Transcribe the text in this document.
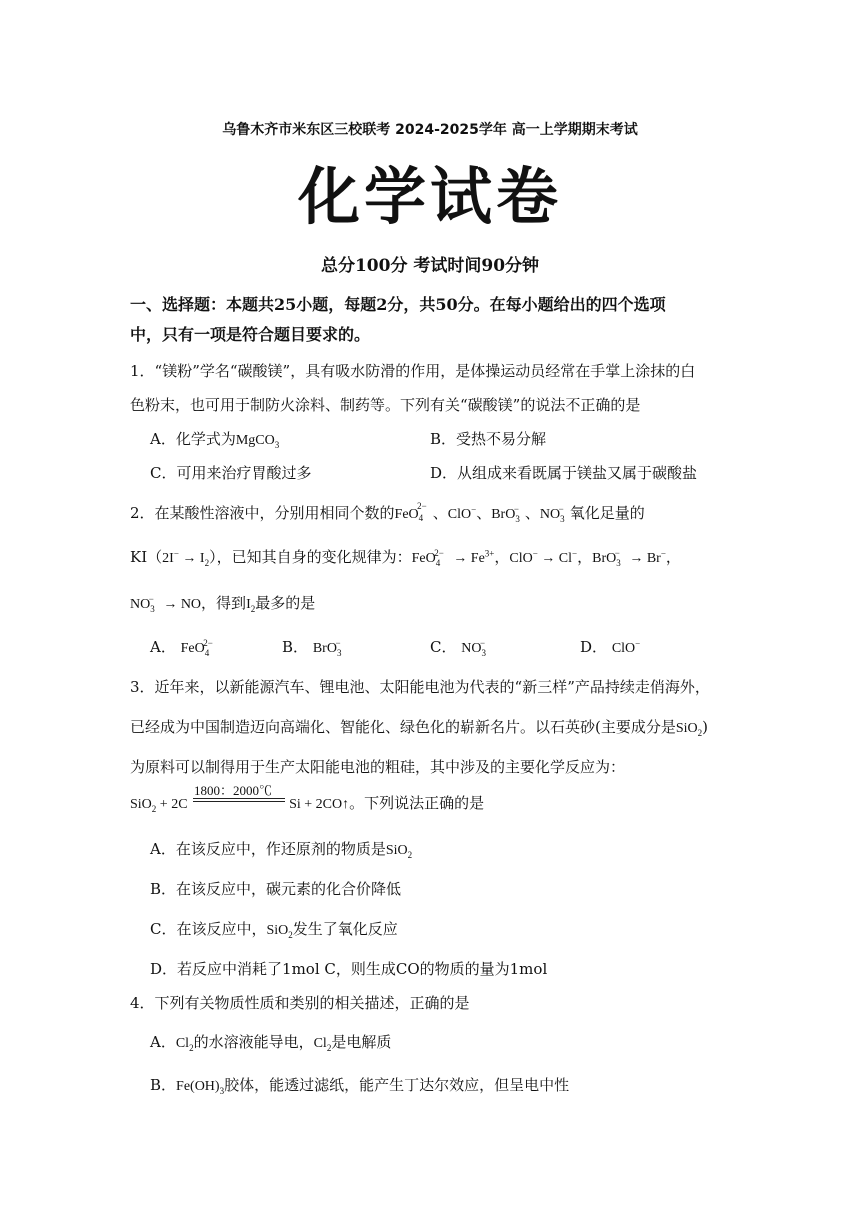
乌鲁木齐市米东区三校联考 2024-2025学年 高一上学期期末考试
化学试卷
总分100分 考试时间90分钟
一、选择题：本题共25小题，每题2分，共50分。在每小题给出的四个选项
中，只有一项是符合题目要求的。
1．“镁粉”学名“碳酸镁”，具有吸水防滑的作用，是体操运动员经常在手掌上涂抹的白
色粉末，也可用于制防火涂料、制药等。下列有关“碳酸镁”的说法不正确的是
A．化学式为MgCO$_3$	B．受热不易分解
C．可用来治疗胃酸过多	D．从组成来看既属于镁盐又属于碳酸盐
2．在某酸性溶液中，分别用相同个数的FeO$_4^{2-}$ 、ClO−、BrO$_3$− 、$NO_3^-$ 氧化足量的
$KI(2I^- \to I_2)$，已知其自身的变化规律为：$FeO_4^{2-} \to Fe^{3+}$，ClO− → Cl−，BrO$_3$− → Br−，
$NO_3^-$ → NO，得到$I_2$最多的是
A． FeO$_4^{2-}$	B． BrO$_3$−	C． $NO_3^-$	D． ClO−
3．近年来，以新能源汽车、锂电池、太阳能电池为代表的“新三样”产品持续走俏海外，
已经成为中国制造迈向高端化、智能化、绿色化的崭新名片。以石英砂(主要成分是SiO$_2$)
为原料可以制得用于生产太阳能电池的粗硅，其中涉及的主要化学反应为：
SiO$_2$ + 2C	Si + 2CO↑。下列说法正确的是
1800：2000℃
A．在该反应中，作还原剂的物质是SiO$_2$
B．在该反应中，碳元素的化合价降低
C．在该反应中，SiO$_2$发生了氧化反应
D．若反应中消耗了1mol C，则生成CO的物质的量为1mol
4．下列有关物质性质和类别的相关描述，正确的是
A．$Cl_2$的水溶液能导电，$Cl_2$是电解质
B．$Fe(OH)_3$胶体，能透过滤纸，能产生丁达尔效应，但呈电中性
